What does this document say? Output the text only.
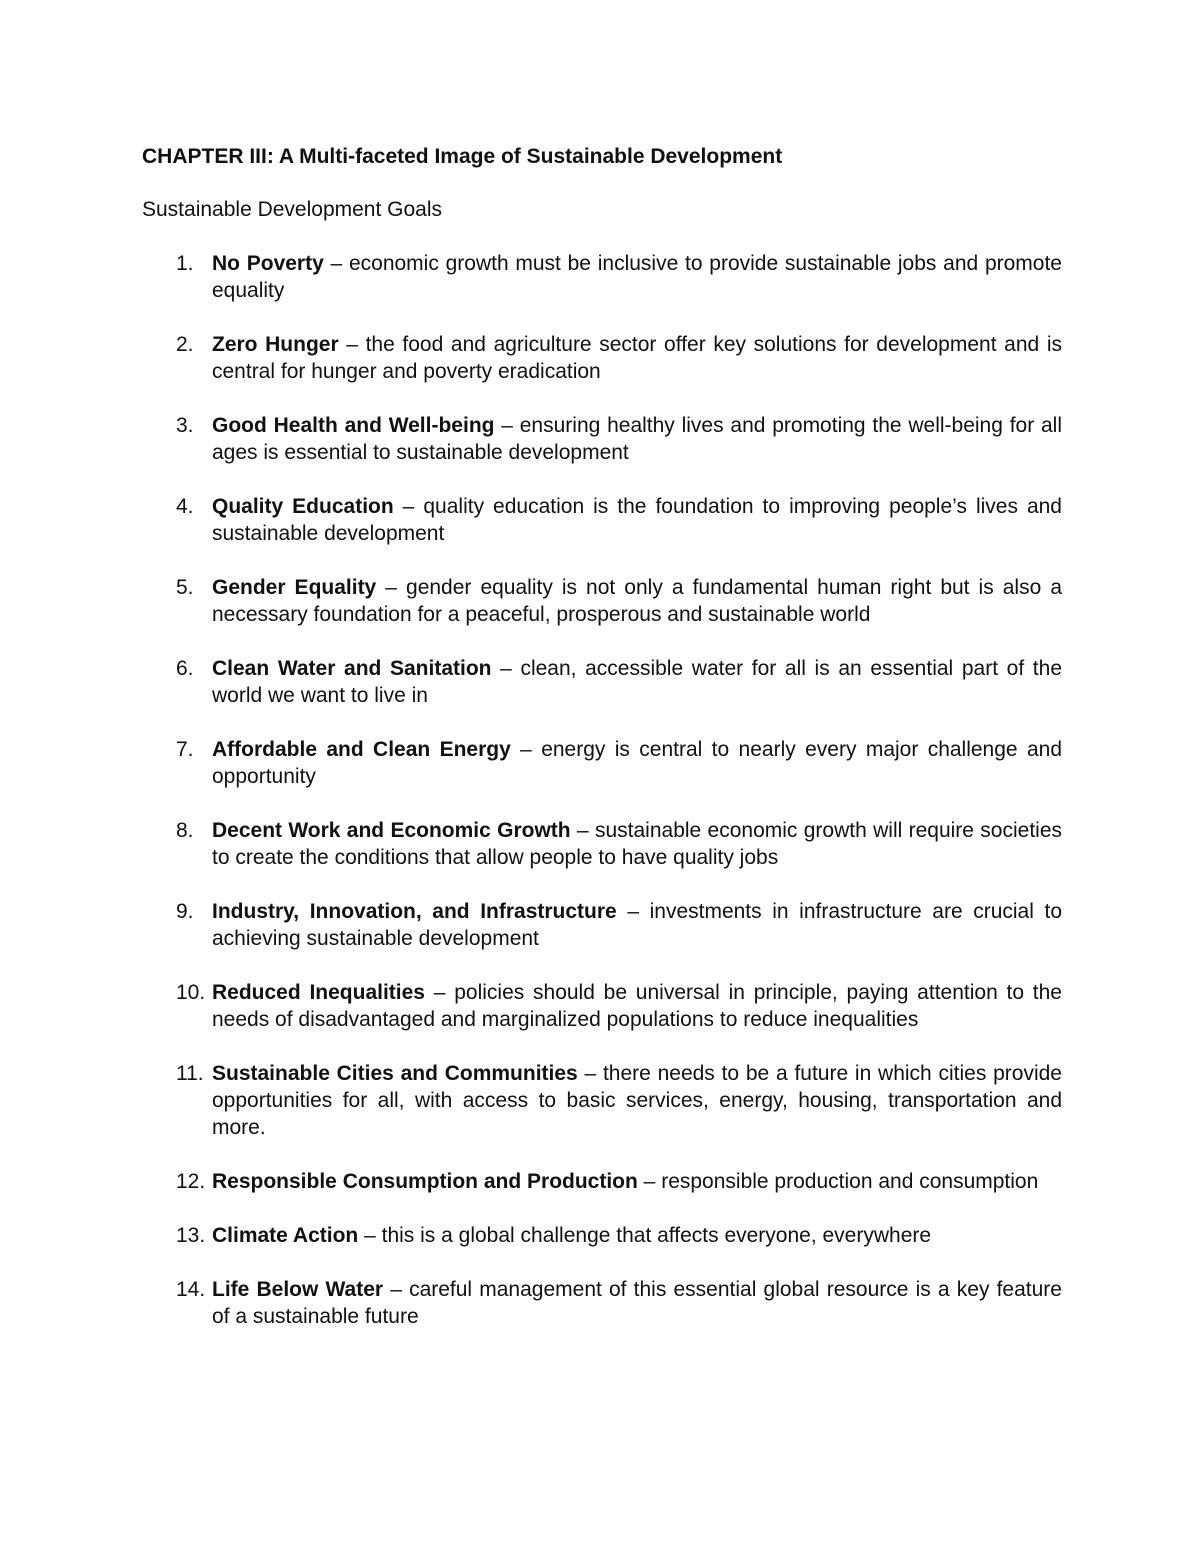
CHAPTER III: A Multi-faceted Image of Sustainable Development
Sustainable Development Goals
1. No Poverty – economic growth must be inclusive to provide sustainable jobs and promote equality
2. Zero Hunger – the food and agriculture sector offer key solutions for development and is central for hunger and poverty eradication
3. Good Health and Well-being – ensuring healthy lives and promoting the well-being for all ages is essential to sustainable development
4. Quality Education – quality education is the foundation to improving people’s lives and sustainable development
5. Gender Equality – gender equality is not only a fundamental human right but is also a necessary foundation for a peaceful, prosperous and sustainable world
6. Clean Water and Sanitation – clean, accessible water for all is an essential part of the world we want to live in
7. Affordable and Clean Energy – energy is central to nearly every major challenge and opportunity
8. Decent Work and Economic Growth – sustainable economic growth will require societies to create the conditions that allow people to have quality jobs
9. Industry, Innovation, and Infrastructure – investments in infrastructure are crucial to achieving sustainable development
10. Reduced Inequalities – policies should be universal in principle, paying attention to the needs of disadvantaged and marginalized populations to reduce inequalities
11. Sustainable Cities and Communities – there needs to be a future in which cities provide opportunities for all, with access to basic services, energy, housing, transportation and more.
12. Responsible Consumption and Production – responsible production and consumption
13. Climate Action – this is a global challenge that affects everyone, everywhere
14. Life Below Water – careful management of this essential global resource is a key feature of a sustainable future
